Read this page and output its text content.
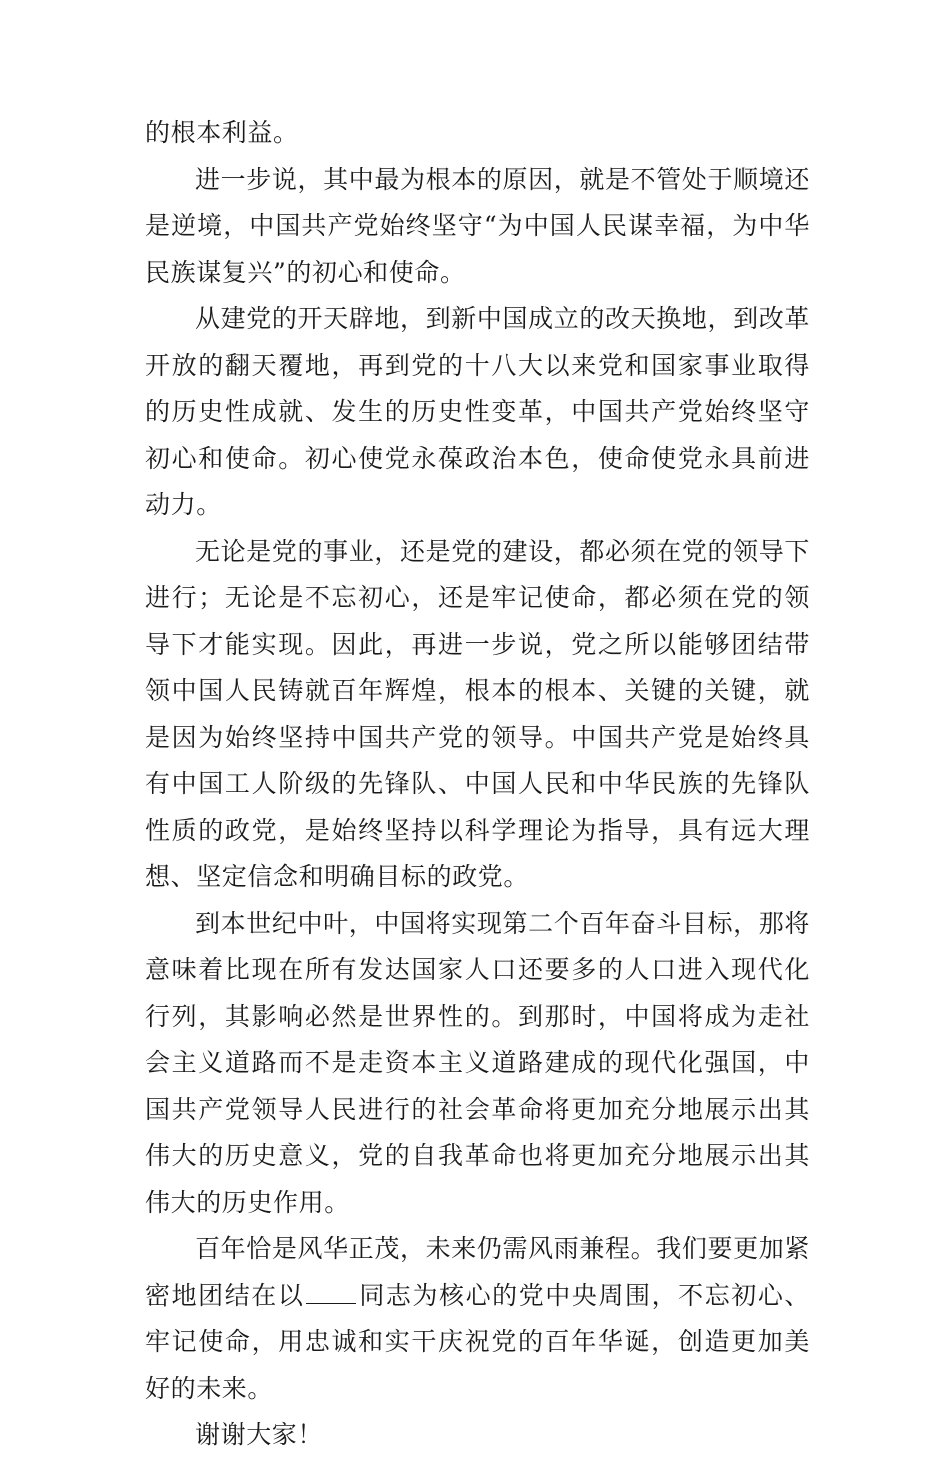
的根本利益。

进一步说，其中最为根本的原因，就是不管处于顺境还是逆境，中国共产党始终坚守“为中国人民谋幸福，为中华民族谋复兴”的初心和使命。

从建党的开天辟地，到新中国成立的改天换地，到改革开放的翻天覆地，再到党的十八大以来党和国家事业取得的历史性成就、发生的历史性变革，中国共产党始终坚守初心和使命。初心使党永葆政治本色，使命使党永具前进动力。

无论是党的事业，还是党的建设，都必须在党的领导下进行；无论是不忘初心，还是牢记使命，都必须在党的领导下才能实现。因此，再进一步说，党之所以能够团结带领中国人民铸就百年辉煌，根本的根本、关键的关键，就是因为始终坚持中国共产党的领导。中国共产党是始终具有中国工人阶级的先锋队、中国人民和中华民族的先锋队性质的政党，是始终坚持以科学理论为指导，具有远大理想、坚定信念和明确目标的政党。

到本世纪中叶，中国将实现第二个百年奋斗目标，那将意味着比现在所有发达国家人口还要多的人口进入现代化行列，其影响必然是世界性的。到那时，中国将成为走社会主义道路而不是走资本主义道路建成的现代化强国，中国共产党领导人民进行的社会革命将更加充分地展示出其伟大的历史意义，党的自我革命也将更加充分地展示出其伟大的历史作用。

百年恰是风华正茂，未来仍需风雨兼程。我们要更加紧密地团结在以 同志为核心的党中央周围，不忘初心、牢记使命，用忠诚和实干庆祝党的百年华诞，创造更加美好的未来。

谢谢大家！
